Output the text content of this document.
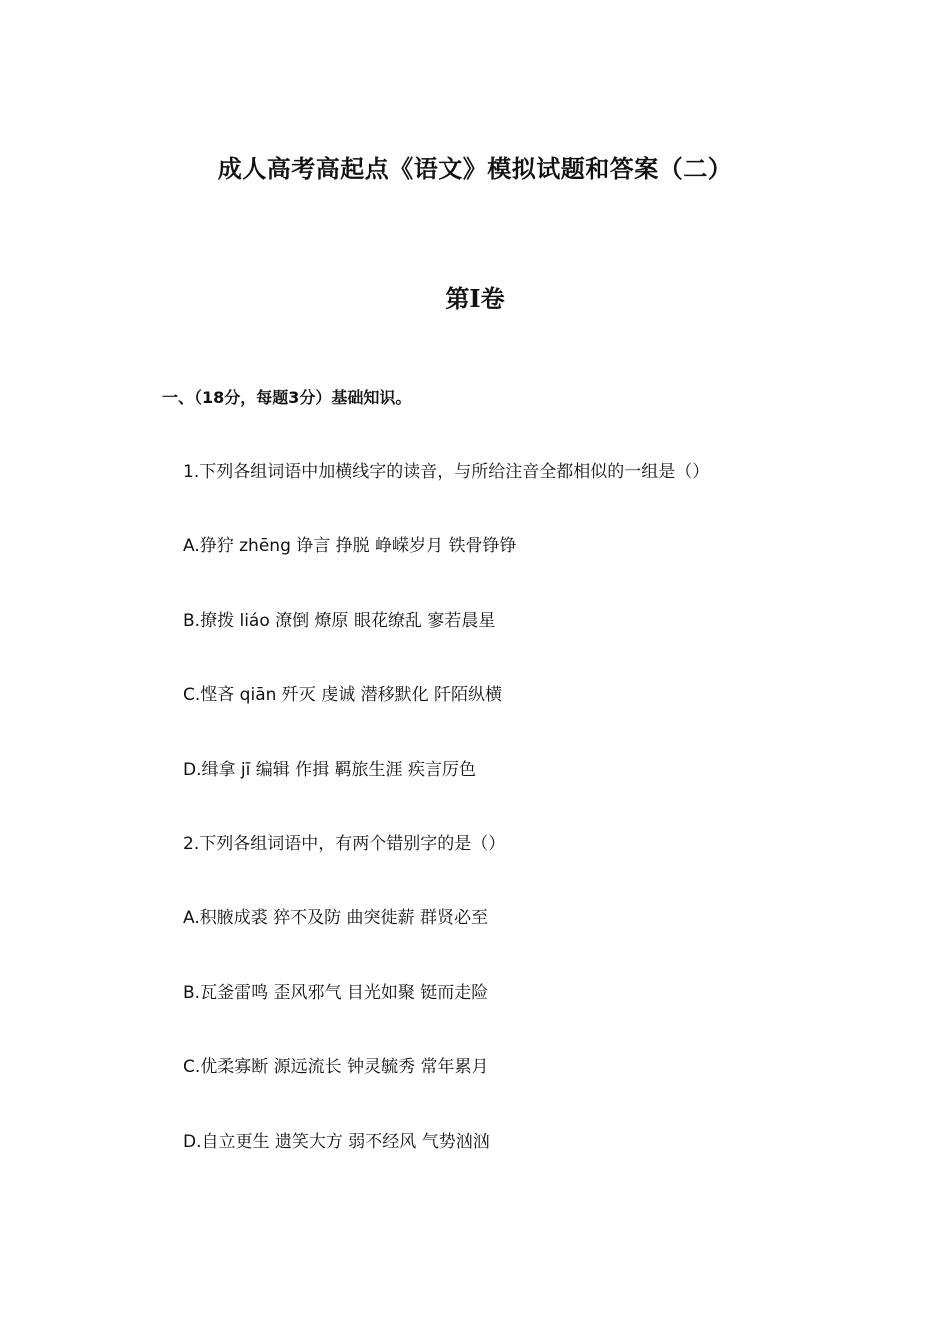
成人高考高起点《语文》模拟试题和答案（二）
第I卷
一、（18分，每题3分）基础知识。
1.下列各组词语中加横线字的读音，与所给注音全都相似的一组是（）
A.狰狞 zhēng 诤言 挣脱 峥嵘岁月 铁骨铮铮
B.撩拨 liáo 潦倒 燎原 眼花缭乱 寥若晨星
C.悭吝 qiān 歼灭 虔诚 潜移默化 阡陌纵横
D.缉拿 jī 编辑 作揖 羁旅生涯 疾言厉色
2.下列各组词语中，有两个错别字的是（）
A.积腋成裘 猝不及防 曲突徙薪 群贤必至
B.瓦釜雷鸣 歪风邪气 目光如聚 铤而走险
C.优柔寡断 源远流长 钟灵毓秀 常年累月
D.自立更生 遗笑大方 弱不经风 气势汹汹
